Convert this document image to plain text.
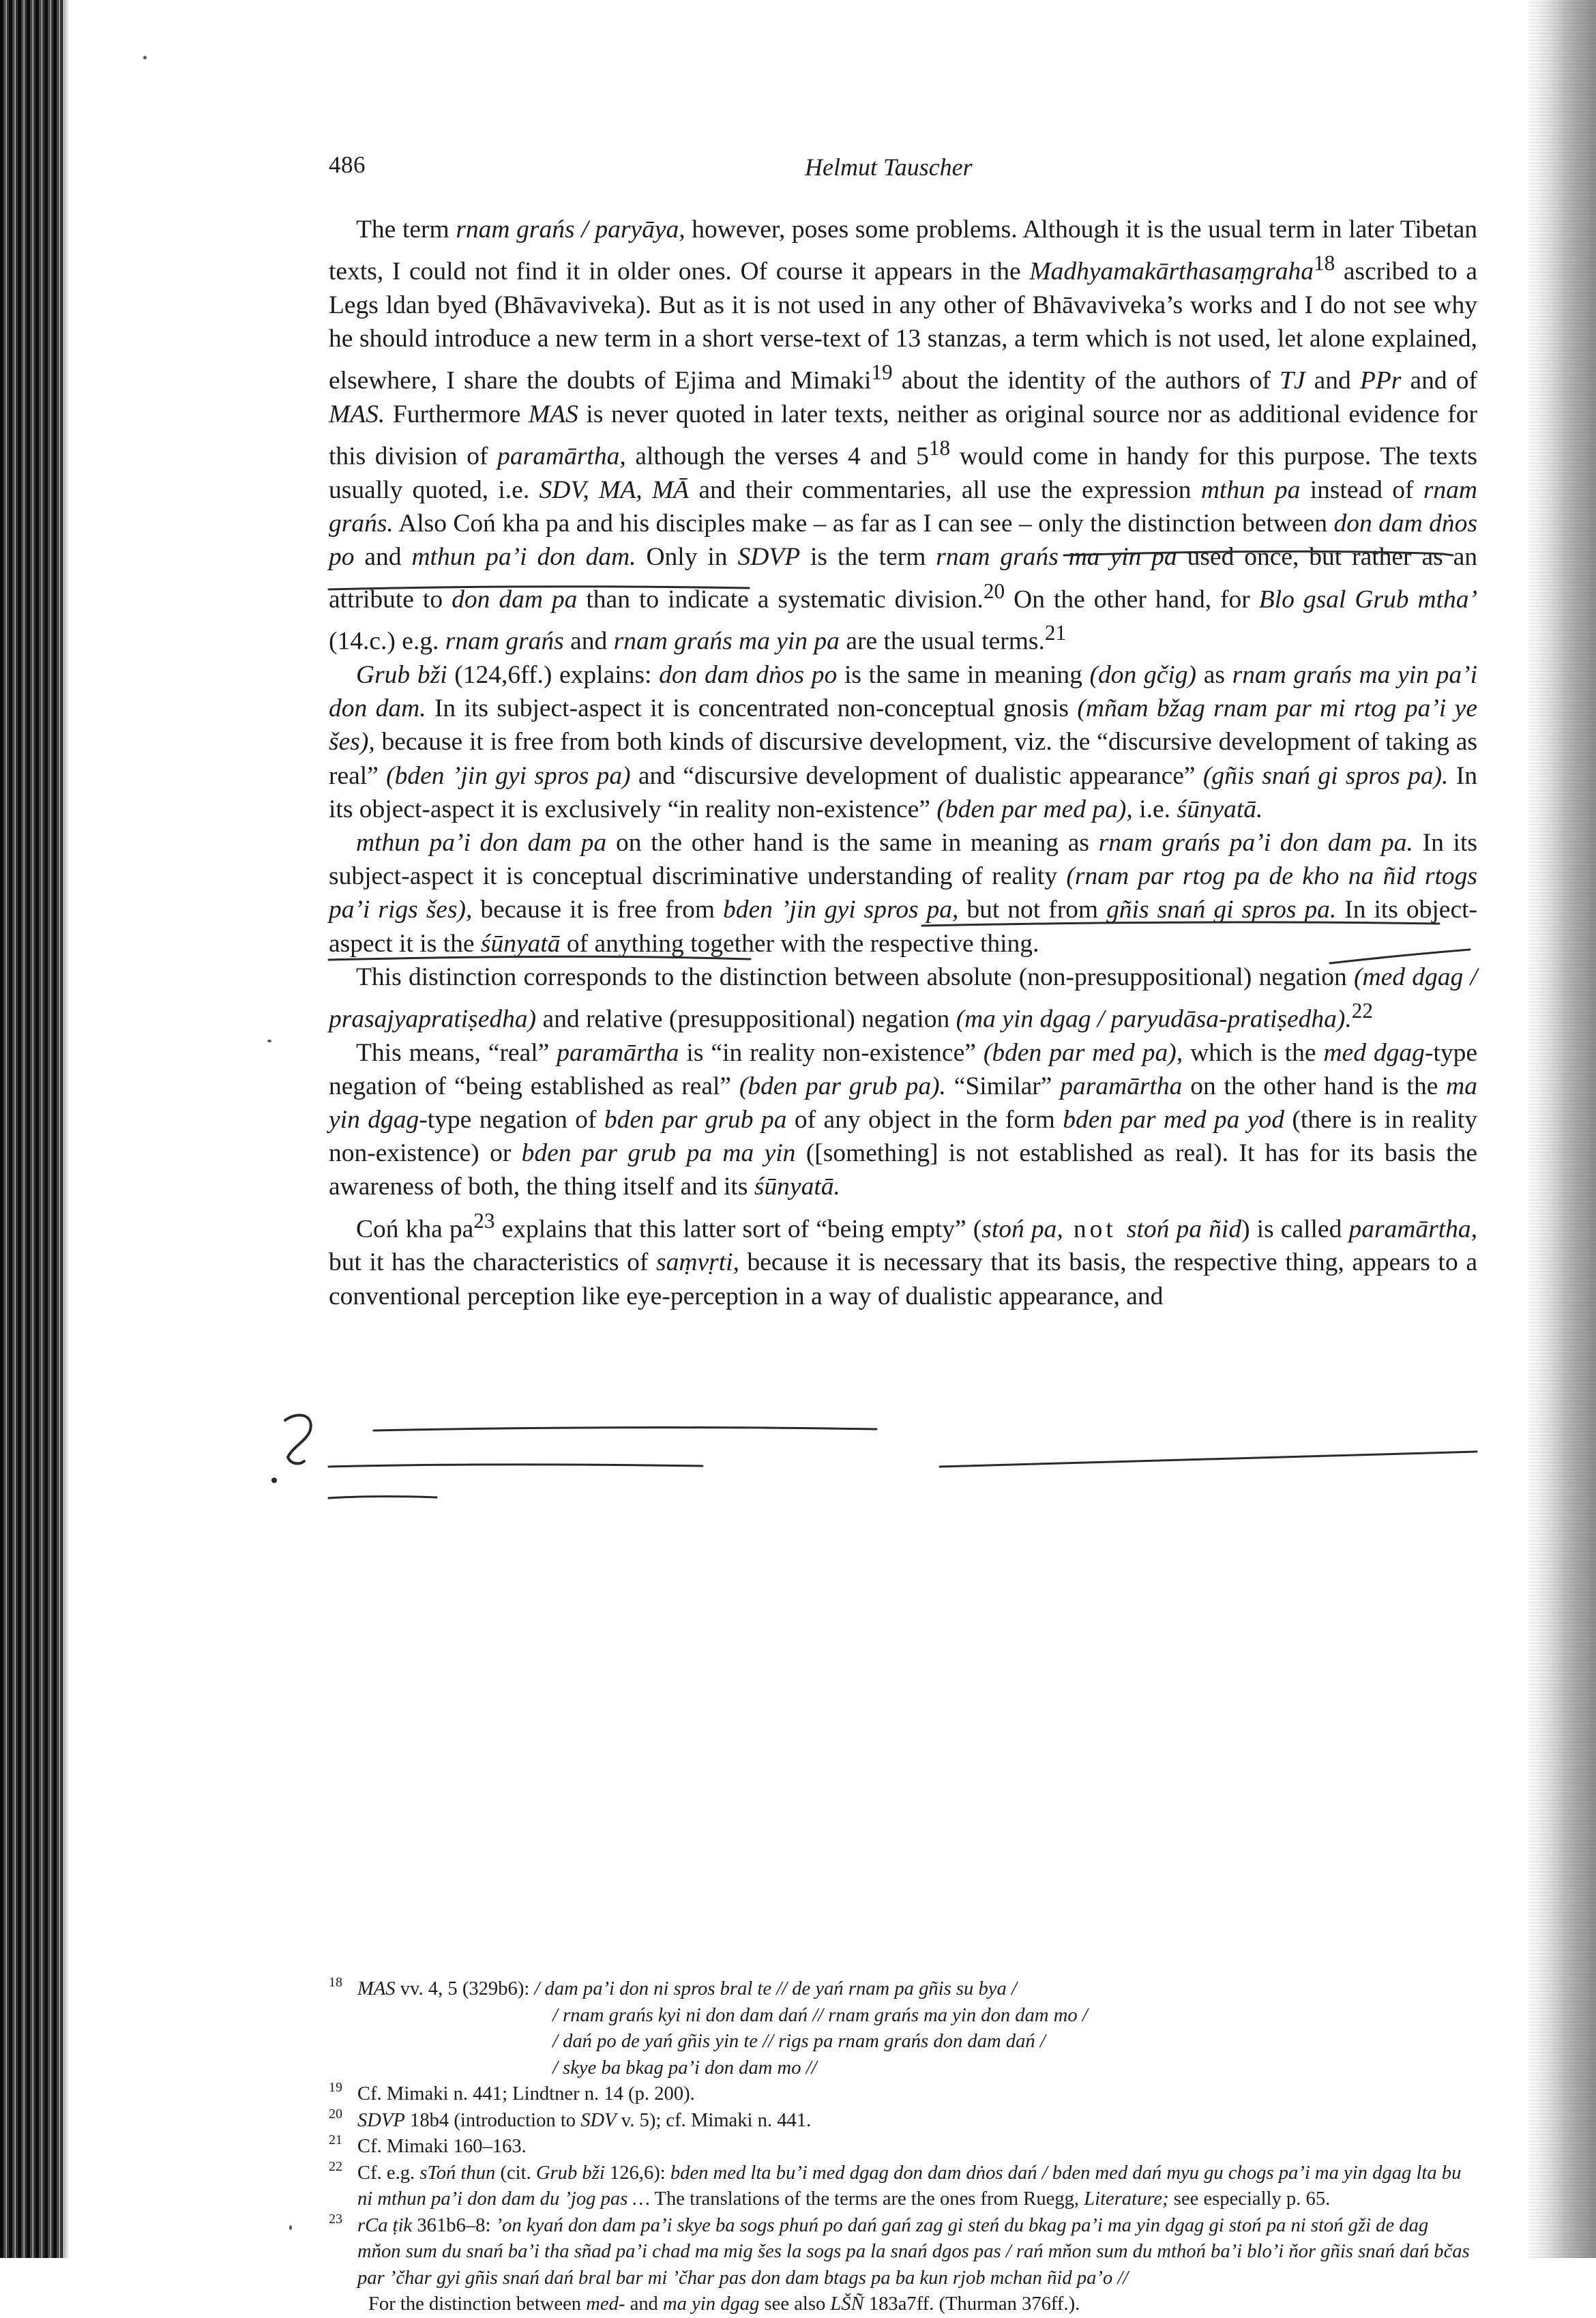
486	Helmut Tauscher

The term rnam grańs / paryāya, however, poses some problems. Although it is the usual term in later Tibetan texts, I could not find it in older ones. Of course it appears in the Madhyamakārthasaṃgraha$^{18}$ ascribed to a Legs ldan byed (Bhāvaviveka). But as it is not used in any other of Bhāvaviveka’s works and I do not see why he should introduce a new term in a short verse-text of 13 stanzas, a term which is not used, let alone explained, elsewhere, I share the doubts of Ejima and Mimaki$^{19}$ about the identity of the authors of TJ and PPr and of MAS. Furthermore MAS is never quoted in later texts, neither as original source nor as additional evidence for this division of paramārtha, although the verses 4 and $5^{18}$ would come in handy for this purpose. The texts usually quoted, i.e. SDV, MA, MĀ and their commentaries, all use the expression mthun pa instead of rnam grańs. Also Coń kha pa and his disciples make – as far as I can see – only the distinction between don dam dṅos po and mthun pa’i don dam. Only in SDVP is the term rnam grańs ma yin pa used once, but rather as an attribute to don dam pa than to indicate a systematic division.$^{20}$ On the other hand, for Blo gsal Grub mtha’ (14.c.) e.g. rnam grańs and rnam grańs ma yin pa are the usual terms.$^{21}$

Grub bži (124,6ff.) explains: don dam dṅos po is the same in meaning (don gčig) as rnam grańs ma yin pa’i don dam. In its subject-aspect it is concentrated non-conceptual gnosis (mñam bžag rnam par mi rtog pa’i ye šes), because it is free from both kinds of discursive development, viz. the “discursive development of taking as real” (bden ’jin gyi spros pa) and “discursive development of dualistic appearance” (gñis snań gi spros pa). In its object-aspect it is exclusively “in reality non-existence” (bden par med pa), i.e. śūnyatā.

mthun pa’i don dam pa on the other hand is the same in meaning as rnam grańs pa’i don dam pa. In its subject-aspect it is conceptual discriminative understanding of reality (rnam par rtog pa de kho na ñid rtogs pa’i rigs šes), because it is free from bden ’jin gyi spros pa, but not from gñis snań gi spros pa. In its object-aspect it is the śūnyatā of anything together with the respective thing.

This distinction corresponds to the distinction between absolute (non-presuppositional) negation (med dgag / prasajyapratiṣedha) and relative (presuppositional) negation (ma yin dgag / paryudāsa-pratiṣedha).$^{22}$

This means, “real” paramārtha is “in reality non-existence” (bden par med pa), which is the med dgag-type negation of “being established as real” (bden par grub pa). “Similar” paramārtha on the other hand is the ma yin dgag-type negation of bden par grub pa of any object in the form bden par med pa yod (there is in reality non-existence) or bden par grub pa ma yin ([something] is not established as real). It has for its basis the awareness of both, the thing itself and its śūnyatā.

Coń kha $pa^{23}$ explains that this latter sort of “being empty” (stoń pa, not stoń pa ñid) is called paramārtha, but it has the characteristics of saṃvṛti, because it is necessary that its basis, the respective thing, appears to a conventional perception like eye-perception in a way of dualistic appearance, and

18 MAS vv. 4, 5 (329b6): / dam pa’i don ni spros bral te // de yań rnam pa gñis su bya /

/ rnam grańs kyi ni don dam dań // rnam grańs ma yin don dam mo /

/ dań po de yań gñis yin te // rigs pa rnam grańs don dam dań /

/ skye ba bkag pa’i don dam mo //

19 Cf. Mimaki n. 441; Lindtner n. 14 (p. 200).

20 SDVP 18b4 (introduction to SDV v. 5); cf. Mimaki n. 441.

21 Cf. Mimaki 160–163.

22 Cf. e.g. sToń thun (cit. Grub bži 126,6): bden med lta bu’i med dgag don dam dṅos dań / bden med dań myu gu chogs pa’i ma yin dgag lta bu ni mthun pa’i don dam du ’jog pas … The translations of the terms are the ones from Ruegg, Literature; see especially p. 65.

23 rCa ṭik 361b6–8: ’on kyań don dam pa’i skye ba sogs phuń po dań gań zag gi steń du bkag pa’i ma yin dgag gi stoń pa ni stoń gži de dag mňon sum du snań ba’i tha sñad pa’i chad ma mig šes la sogs pa la snań dgos pas / rań mňon sum du mthoń ba’i blo’i ňor gñis snań dań bčas par ’čhar gyi gñis snań dań bral bar mi ’čhar pas don dam btags pa ba kun rjob mchan ñid pa’o //

For the distinction between med- and ma yin dgag see also LŠÑ 183a7ff. (Thurman 376ff.).
